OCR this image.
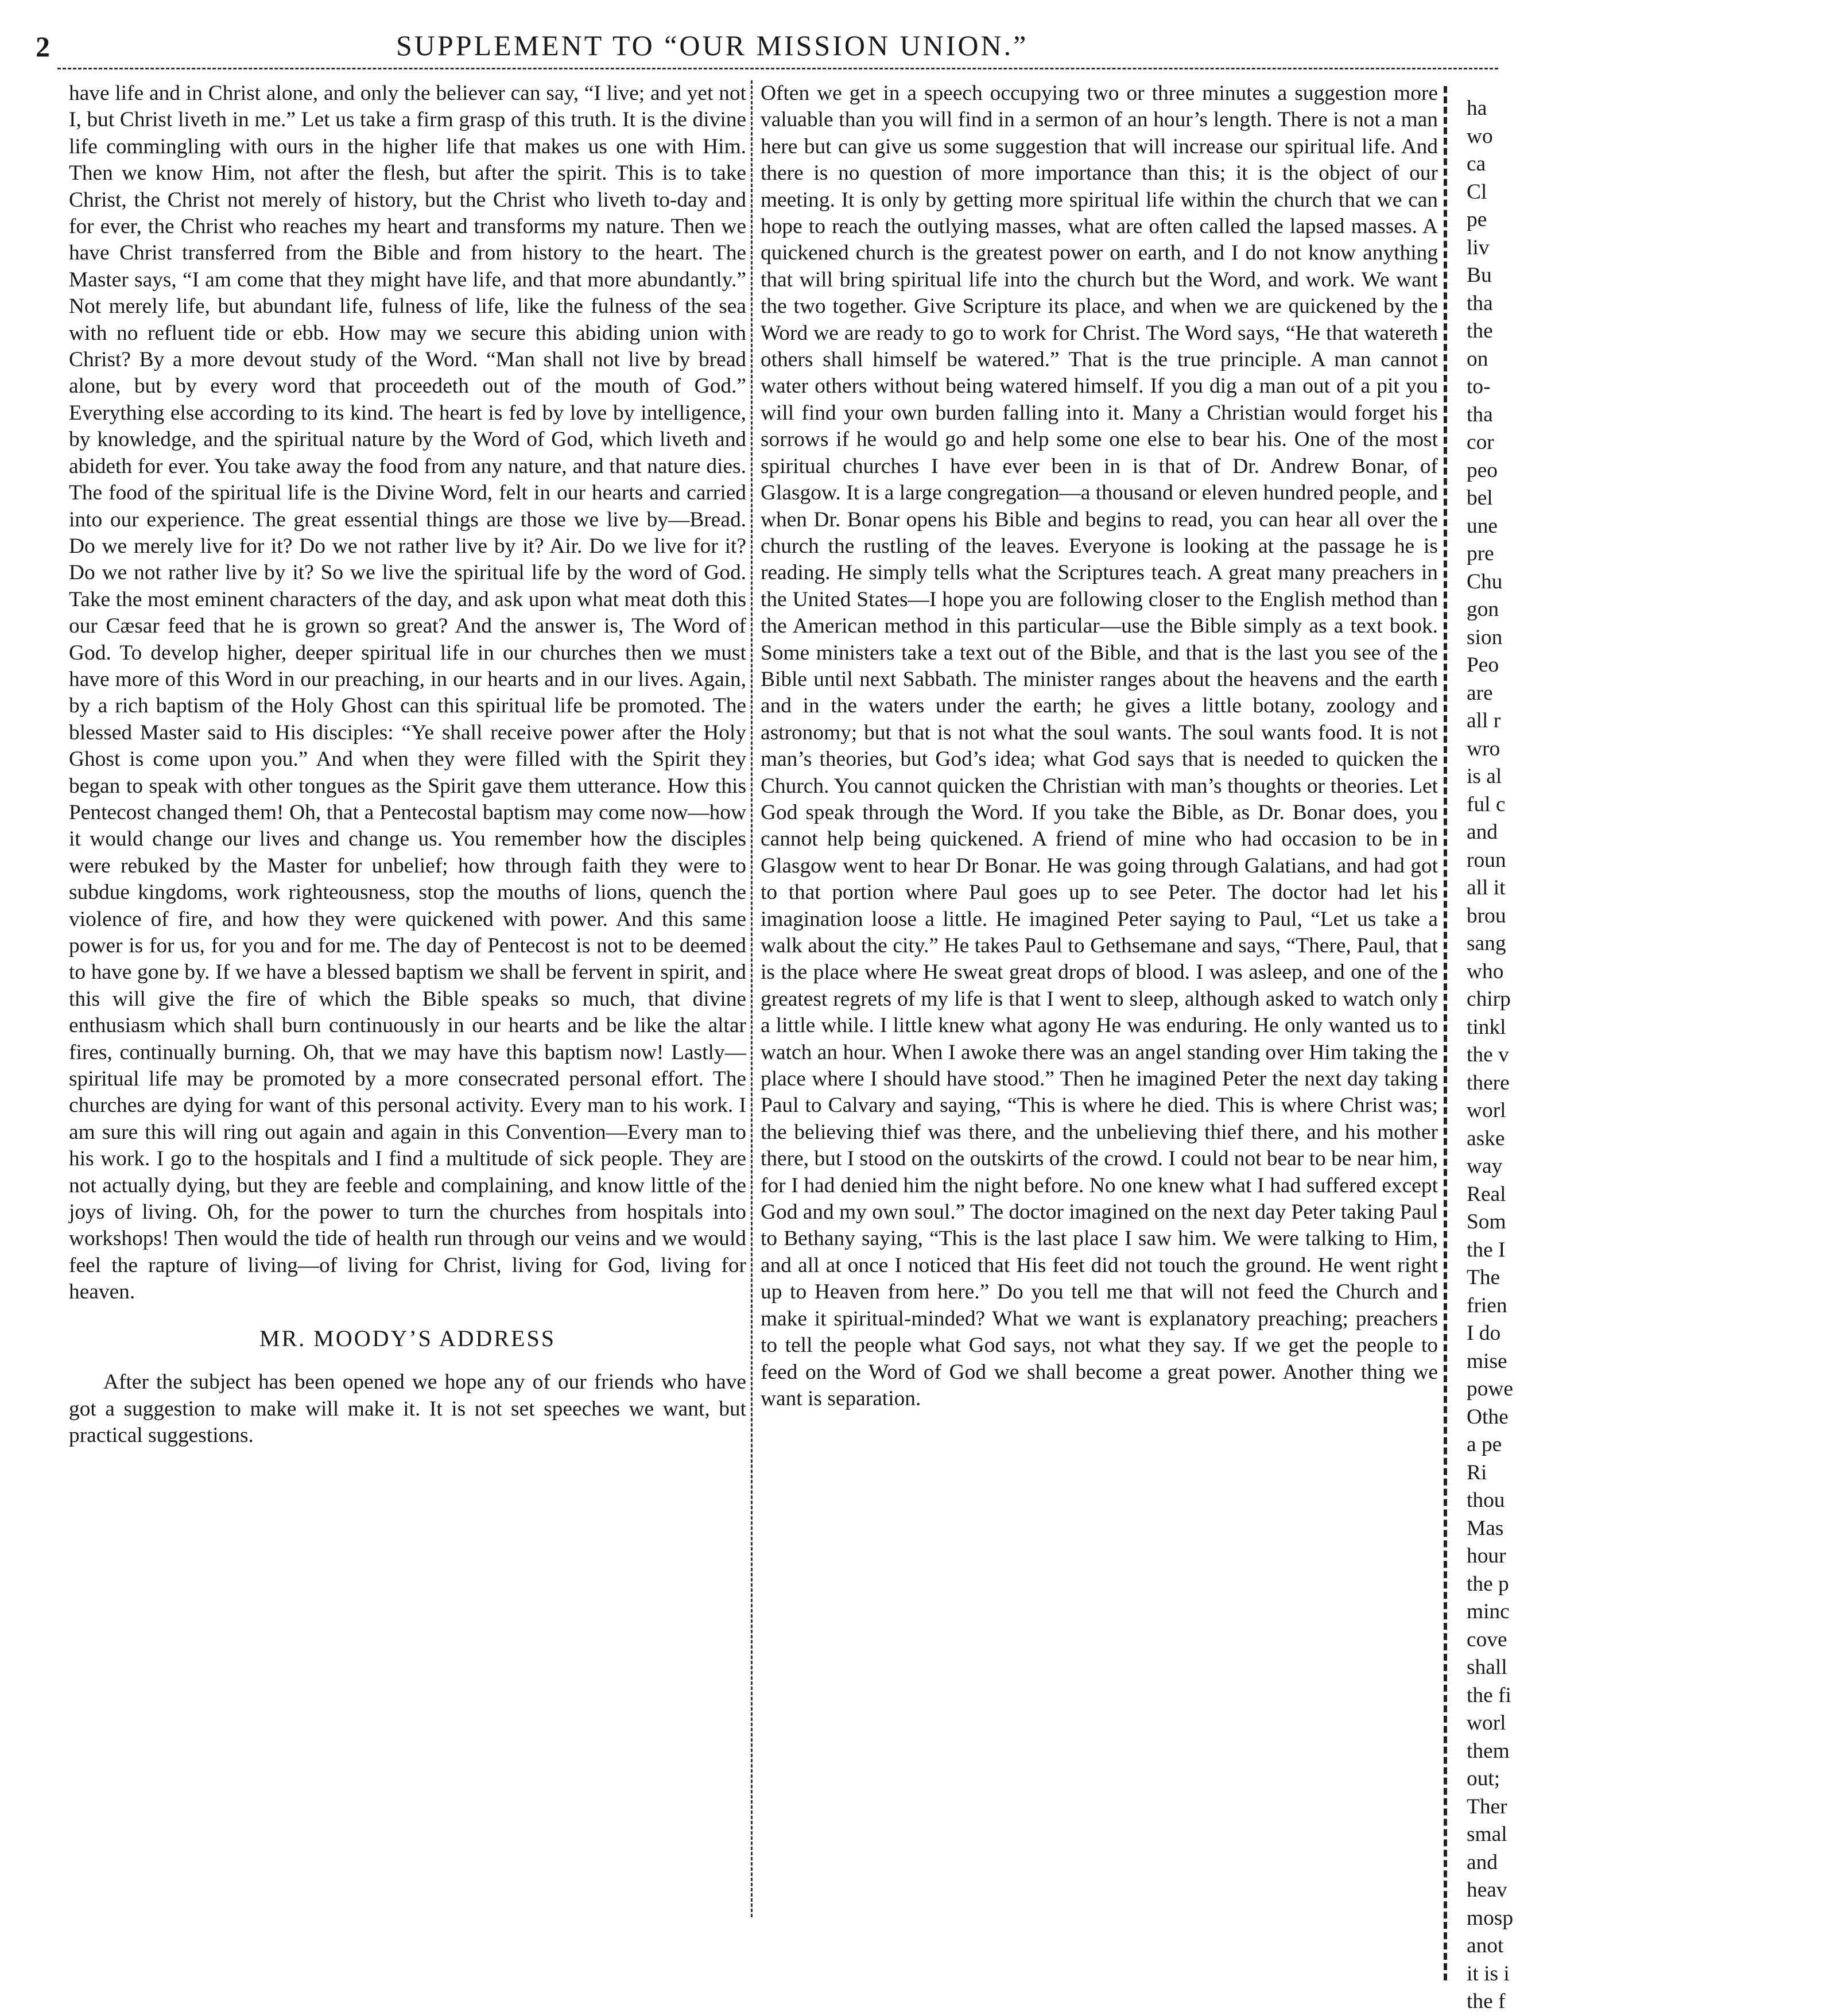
2	SUPPLEMENT TO “OUR MISSION UNION.”

have life and in Christ alone, and only the believer can say, “I live; and yet not I, but Christ liveth in me.” Let us take a firm grasp of this truth. It is the divine life commingling with ours in the higher life that makes us one with Him. Then we know Him, not after the flesh, but after the spirit. This is to take Christ, the Christ not merely of history, but the Christ who liveth to-day and for ever, the Christ who reaches my heart and transforms my nature. Then we have Christ transferred from the Bible and from history to the heart. The Master says, “I am come that they might have life, and that more abundantly.” Not merely life, but abundant life, fulness of life, like the fulness of the sea with no refluent tide or ebb. How may we secure this abiding union with Christ? By a more devout study of the Word. “Man shall not live by bread alone, but by every word that proceedeth out of the mouth of God.” Everything else according to its kind. The heart is fed by love by intelligence, by knowledge, and the spiritual nature by the Word of God, which liveth and abideth for ever. You take away the food from any nature, and that nature dies. The food of the spiritual life is the Divine Word, felt in our hearts and carried into our experience. The great essential things are those we live by—Bread. Do we merely live for it? Do we not rather live by it? Air. Do we live for it? Do we not rather live by it? So we live the spiritual life by the word of God. Take the most eminent characters of the day, and ask upon what meat doth this our Cæsar feed that he is grown so great? And the answer is, The Word of God. To develop higher, deeper spiritual life in our churches then we must have more of this Word in our preaching, in our hearts and in our lives. Again, by a rich baptism of the Holy Ghost can this spiritual life be promoted. The blessed Master said to His disciples: “Ye shall receive power after the Holy Ghost is come upon you.” And when they were filled with the Spirit they began to speak with other tongues as the Spirit gave them utterance. How this Pentecost changed them! Oh, that a Pentecostal baptism may come now—how it would change our lives and change us. You remember how the disciples were rebuked by the Master for unbelief; how through faith they were to subdue kingdoms, work righteousness, stop the mouths of lions, quench the violence of fire, and how they were quickened with power. And this same power is for us, for you and for me. The day of Pentecost is not to be deemed to have gone by. If we have a blessed baptism we shall be fervent in spirit, and this will give the fire of which the Bible speaks so much, that divine enthusiasm which shall burn continuously in our hearts and be like the altar fires, continually burning. Oh, that we may have this baptism now! Lastly—spiritual life may be promoted by a more consecrated personal effort. The churches are dying for want of this personal activity. Every man to his work. I am sure this will ring out again and again in this Convention—Every man to his work. I go to the hospitals and I find a multitude of sick people. They are not actually dying, but they are feeble and complaining, and know little of the joys of living. Oh, for the power to turn the churches from hospitals into workshops! Then would the tide of health run through our veins and we would feel the rapture of living—of living for Christ, living for God, living for heaven.

MR. MOODY’S ADDRESS

After the subject has been opened we hope any of our friends who have got a suggestion to make will make it. It is not set speeches we want, but practical suggestions.

Often we get in a speech occupying two or three minutes a suggestion more valuable than you will find in a sermon of an hour’s length. There is not a man here but can give us some suggestion that will increase our spiritual life. And there is no question of more importance than this; it is the object of our meeting. It is only by getting more spiritual life within the church that we can hope to reach the outlying masses, what are often called the lapsed masses. A quickened church is the greatest power on earth, and I do not know anything that will bring spiritual life into the church but the Word, and work. We want the two together. Give Scripture its place, and when we are quickened by the Word we are ready to go to work for Christ. The Word says, “He that watereth others shall himself be watered.” That is the true principle. A man cannot water others without being watered himself. If you dig a man out of a pit you will find your own burden falling into it. Many a Christian would forget his sorrows if he would go and help some one else to bear his. One of the most spiritual churches I have ever been in is that of Dr. Andrew Bonar, of Glasgow. It is a large congregation—a thousand or eleven hundred people, and when Dr. Bonar opens his Bible and begins to read, you can hear all over the church the rustling of the leaves. Everyone is looking at the passage he is reading. He simply tells what the Scriptures teach. A great many preachers in the United States—I hope you are following closer to the English method than the American method in this particular—use the Bible simply as a text book. Some ministers take a text out of the Bible, and that is the last you see of the Bible until next Sabbath. The minister ranges about the heavens and the earth and in the waters under the earth; he gives a little botany, zoology and astronomy; but that is not what the soul wants. The soul wants food. It is not man’s theories, but God’s idea; what God says that is needed to quicken the Church. You cannot quicken the Christian with man’s thoughts or theories. Let God speak through the Word. If you take the Bible, as Dr. Bonar does, you cannot help being quickened. A friend of mine who had occasion to be in Glasgow went to hear Dr Bonar. He was going through Galatians, and had got to that portion where Paul goes up to see Peter. The doctor had let his imagination loose a little. He imagined Peter saying to Paul, “Let us take a walk about the city.” He takes Paul to Gethsemane and says, “There, Paul, that is the place where He sweat great drops of blood. I was asleep, and one of the greatest regrets of my life is that I went to sleep, although asked to watch only a little while. I little knew what agony He was enduring. He only wanted us to watch an hour. When I awoke there was an angel standing over Him taking the place where I should have stood.” Then he imagined Peter the next day taking Paul to Calvary and saying, “This is where he died. This is where Christ was; the believing thief was there, and the unbelieving thief there, and his mother there, but I stood on the outskirts of the crowd. I could not bear to be near him, for I had denied him the night before. No one knew what I had suffered except God and my own soul.” The doctor imagined on the next day Peter taking Paul to Bethany saying, “This is the last place I saw him. We were talking to Him, and all at once I noticed that His feet did not touch the ground. He went right up to Heaven from here.” Do you tell me that will not feed the Church and make it spiritual-minded? What we want is explanatory preaching; preachers to tell the people what God says, not what they say. If we get the people to feed on the Word of God we shall become a great power. Another thing we want is separation.

ha

wo

ca

Cl

pe

liv

Bu

tha

the

on

to-

tha

cor

peo

bel

une

pre

Chu

gon

sion

Peo

are

all r

wro

is al

ful c

and

roun

all it

brou

sang

who

chirp

tinkl

the v

there

worl

aske

way

Real

Som

the I

The

frien

I do

mise

powe

Othe

a pe

Ri

thou

Mas

hour

the p

minc

cove

shall

the fi

worl

them

out;

Ther

smal

and

heav

mosp

anot

it is i

the f
